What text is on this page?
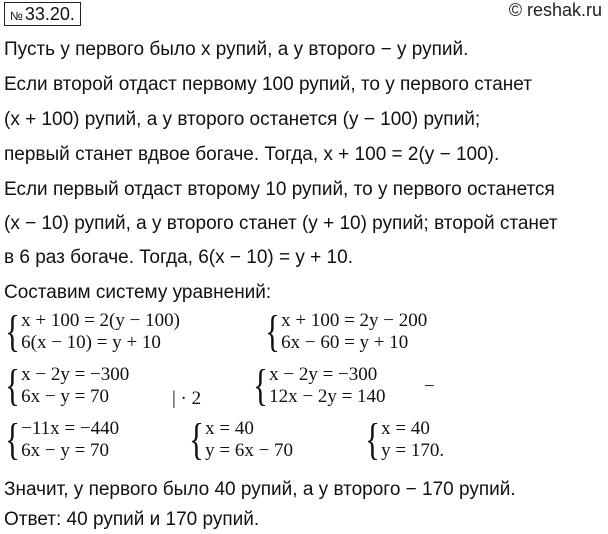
№ 33.20.	© reshak.ru
Пусть у первого было x рупий, а у второго − y рупий.
Если второй отдаст первому 100 рупий, то у первого станет
(x + 100) рупий, а у второго останется (y − 100) рупий;
первый станет вдвое богаче. Тогда, x + 100 = 2(y − 100).
Если первый отдаст второму 10 рупий, то у первого останется
(x − 10) рупий, а у второго станет (y + 10) рупий; второй станет
в 6 раз богаче. Тогда, 6(x − 10) = y + 10.
Составим систему уравнений:
{ x + 100 = 2(y − 100)
6(x − 10) = y + 10	{ x + 100 = 2y − 200
6x − 60 = y + 10
{ x − 2y = −300
6x − y = 70	| · 2 { x − 2y = −300
12x − 2y = 140 −
{ −11x = −440
6x − y = 70 { x = 40
y = 6x − 70 { x = 40
y = 170.
Значит, у первого было 40 рупий, а у второго − 170 рупий.
Ответ: 40 рупий и 170 рупий.
